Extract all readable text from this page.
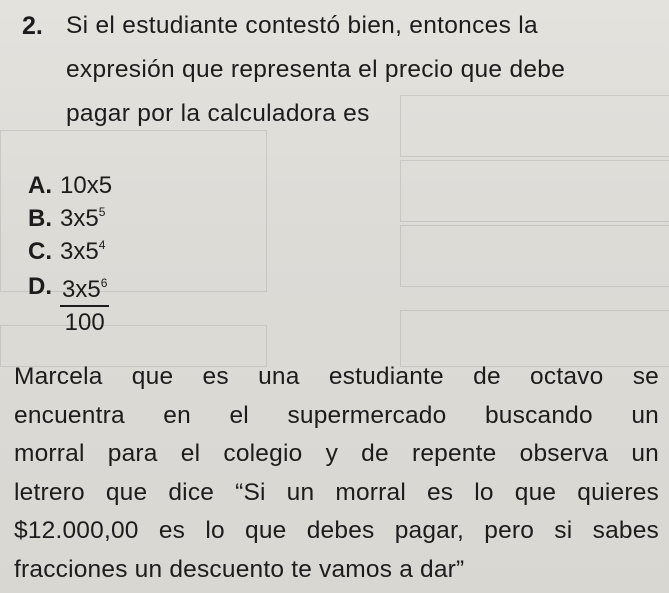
2. Si el estudiante contestó bien, entonces la
expresión que representa el precio que debe
pagar por la calculadora es
A. 10x5
B. $3x5^5$
C. $3x5^4$
D. $\frac{3x5^6}{100}$
Marcela que es una estudiante de octavo se
encuentra en el supermercado buscando un
morral para el colegio y de repente observa un
letrero que dice “Si un morral es lo que quieres
$12.000,00 es lo que debes pagar, pero si sabes
fracciones un descuento te vamos a dar”
